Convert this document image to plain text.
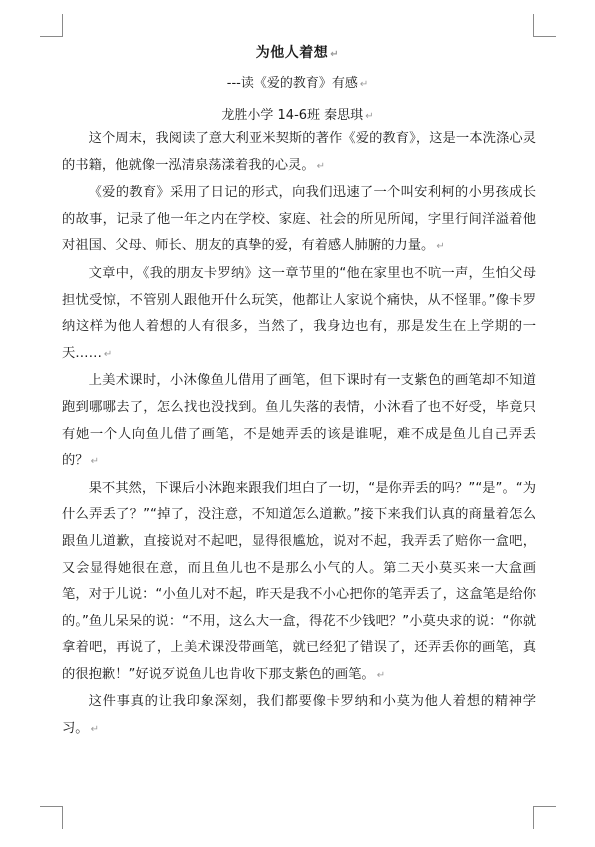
为他人着想 ↵
---读《爱的教育》有感 ↵
龙胜小学 14-6班 秦思琪 ↵

这个周末，我阅读了意大利亚米契斯的著作《爱的教育》，这是一本洗涤心灵的书籍，他就像一泓清泉荡漾着我的心灵。 ↵

《爱的教育》采用了日记的形式，向我们迅速了一个叫安利柯的小男孩成长的故事，记录了他一年之内在学校、家庭、社会的所见所闻，字里行间洋溢着他对祖国、父母、师长、朋友的真挚的爱，有着感人肺腑的力量。 ↵

文章中，《我的朋友卡罗纳》这一章节里的“他在家里也不吭一声，生怕父母担忧受惊，不管别人跟他开什么玩笑，他都让人家说个痛快，从不怪罪。”像卡罗纳这样为他人着想的人有很多，当然了，我身边也有，那是发生在上学期的一天…… ↵

上美术课时，小沐像鱼儿借用了画笔，但下课时有一支紫色的画笔却不知道跑到哪哪去了，怎么找也没找到。鱼儿失落的表情，小沐看了也不好受，毕竟只有她一个人向鱼儿借了画笔，不是她弄丢的该是谁呢，难不成是鱼儿自己弄丢的？ ↵

果不其然，下课后小沐跑来跟我们坦白了一切，“是你弄丢的吗？”“是”。“为什么弄丢了？”“掉了，没注意，不知道怎么道歉。”接下来我们认真的商量着怎么跟鱼儿道歉，直接说对不起吧，显得很尴尬，说对不起，我弄丢了赔你一盒吧，又会显得她很在意，而且鱼儿也不是那么小气的人。第二天小莫买来一大盒画笔，对于儿说：“小鱼儿对不起，昨天是我不小心把你的笔弄丢了，这盒笔是给你的。”鱼儿呆呆的说：“不用，这么大一盒，得花不少钱吧？”小莫央求的说：“你就拿着吧，再说了，上美术课没带画笔，就已经犯了错误了，还弄丢你的画笔，真的很抱歉！”好说歹说鱼儿也肯收下那支紫色的画笔。 ↵

这件事真的让我印象深刻，我们都要像卡罗纳和小莫为他人着想的精神学习。 ↵
